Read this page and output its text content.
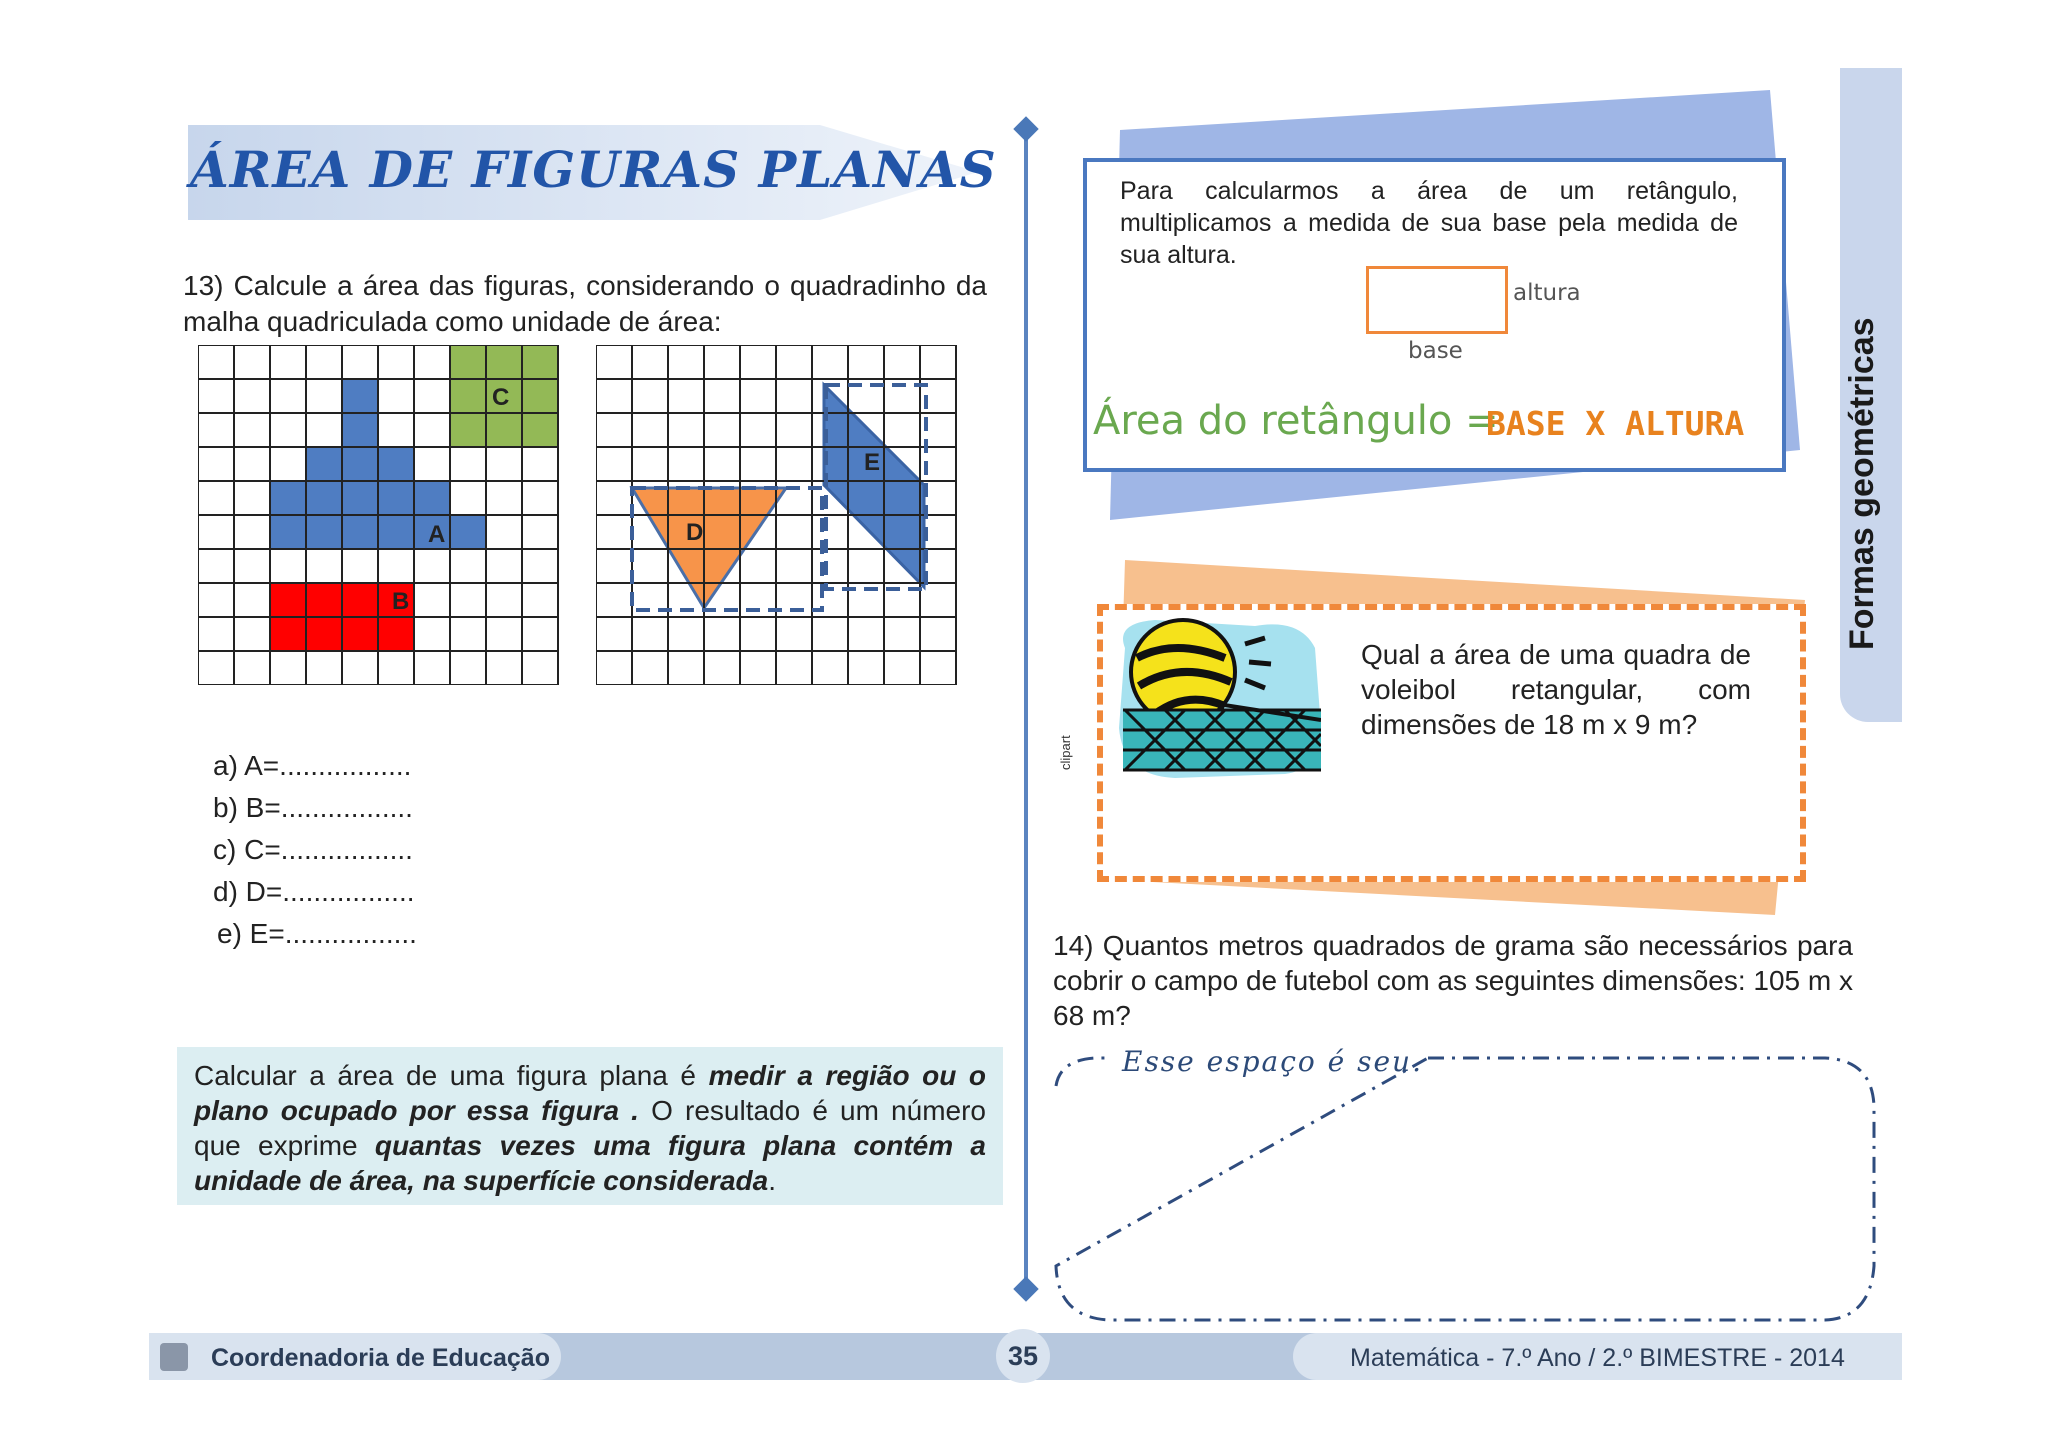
ÁREA DE FIGURAS PLANAS
13) Calcule a área das figuras, considerando o quadradinho da malha quadriculada como unidade de área:
A
B
C
D
E
a) A=.................
b) B=.................
c) C=.................
d) D=.................
e) E=.................
Calcular a área de uma figura plana é medir a região ou o plano ocupado por essa figura . O resultado é um número que exprime quantas vezes uma figura plana contém a unidade de área, na superfície considerada.
Para calcularmos a área de um retângulo, multiplicamos a medida de sua base pela medida de sua altura.
altura
base
Área do retângulo =
BASE X ALTURA
clipart
Qual a área de uma quadra de voleibol retangular, com dimensões de 18 m x 9 m?
14) Quantos metros quadrados de grama são necessários para cobrir o campo de futebol com as seguintes dimensões: 105 m x 68 m?
Esse espaço é seu.
Formas geométricas
Coordenadoria de Educação	35	Matemática - 7.º Ano / 2.º BIMESTRE - 2014
